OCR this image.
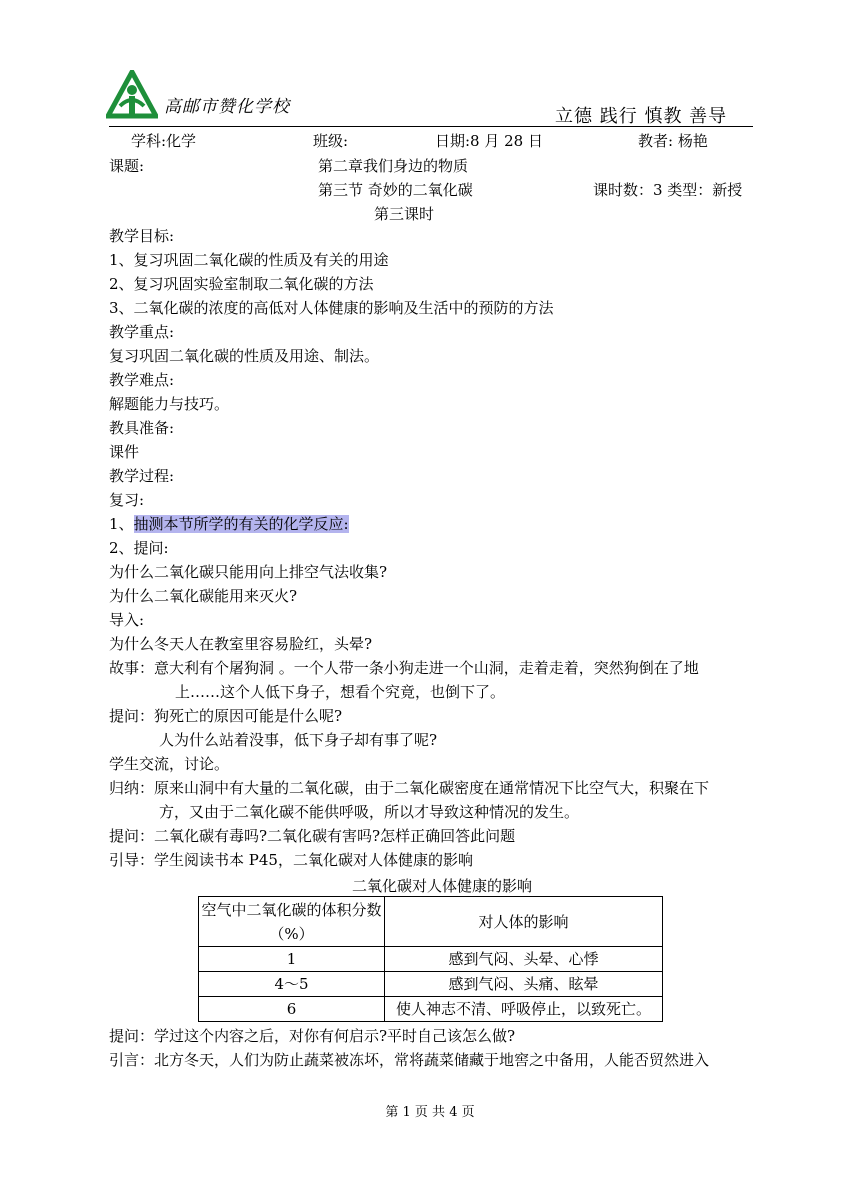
高邮市赞化学校	立德 践行 慎教 善导
学科:化学	班级:	日期:8 月 28 日	教者: 杨艳
课题:	第二章我们身边的物质
第三节 奇妙的二氧化碳	课时数：3 类型：新授
第三课时
教学目标:
1、复习巩固二氧化碳的性质及有关的用途
2、复习巩固实验室制取二氧化碳的方法
3、二氧化碳的浓度的高低对人体健康的影响及生活中的预防的方法
教学重点:
复习巩固二氧化碳的性质及用途、制法。
教学难点:
解题能力与技巧。
教具准备:
课件
教学过程:
复习:
1、抽测本节所学的有关的化学反应:
2、提问:
为什么二氧化碳只能用向上排空气法收集?
为什么二氧化碳能用来灭火?
导入:
为什么冬天人在教室里容易脸红，头晕?
故事：意大利有个屠狗洞 。一个人带一条小狗走进一个山洞，走着走着，突然狗倒在了地
上……这个人低下身子，想看个究竟，也倒下了。
提问：狗死亡的原因可能是什么呢?
人为什么站着没事，低下身子却有事了呢?
学生交流，讨论。
归纳：原来山洞中有大量的二氧化碳，由于二氧化碳密度在通常情况下比空气大，积聚在下
方，又由于二氧化碳不能供呼吸，所以才导致这种情况的发生。
提问：二氧化碳有毒吗?二氧化碳有害吗?怎样正确回答此问题
引导：学生阅读书本 P45，二氧化碳对人体健康的影响
二氧化碳对人体健康的影响
空气中二氧化碳的体积分数（%）	对人体的影响
1	感到气闷、头晕、心悸
4～5	感到气闷、头痛、眩晕
6	使人神志不清、呼吸停止，以致死亡。
提问：学过这个内容之后，对你有何启示?平时自己该怎么做?
引言：北方冬天，人们为防止蔬菜被冻坏，常将蔬菜储藏于地窖之中备用，人能否贸然进入
第 1 页 共 4 页
